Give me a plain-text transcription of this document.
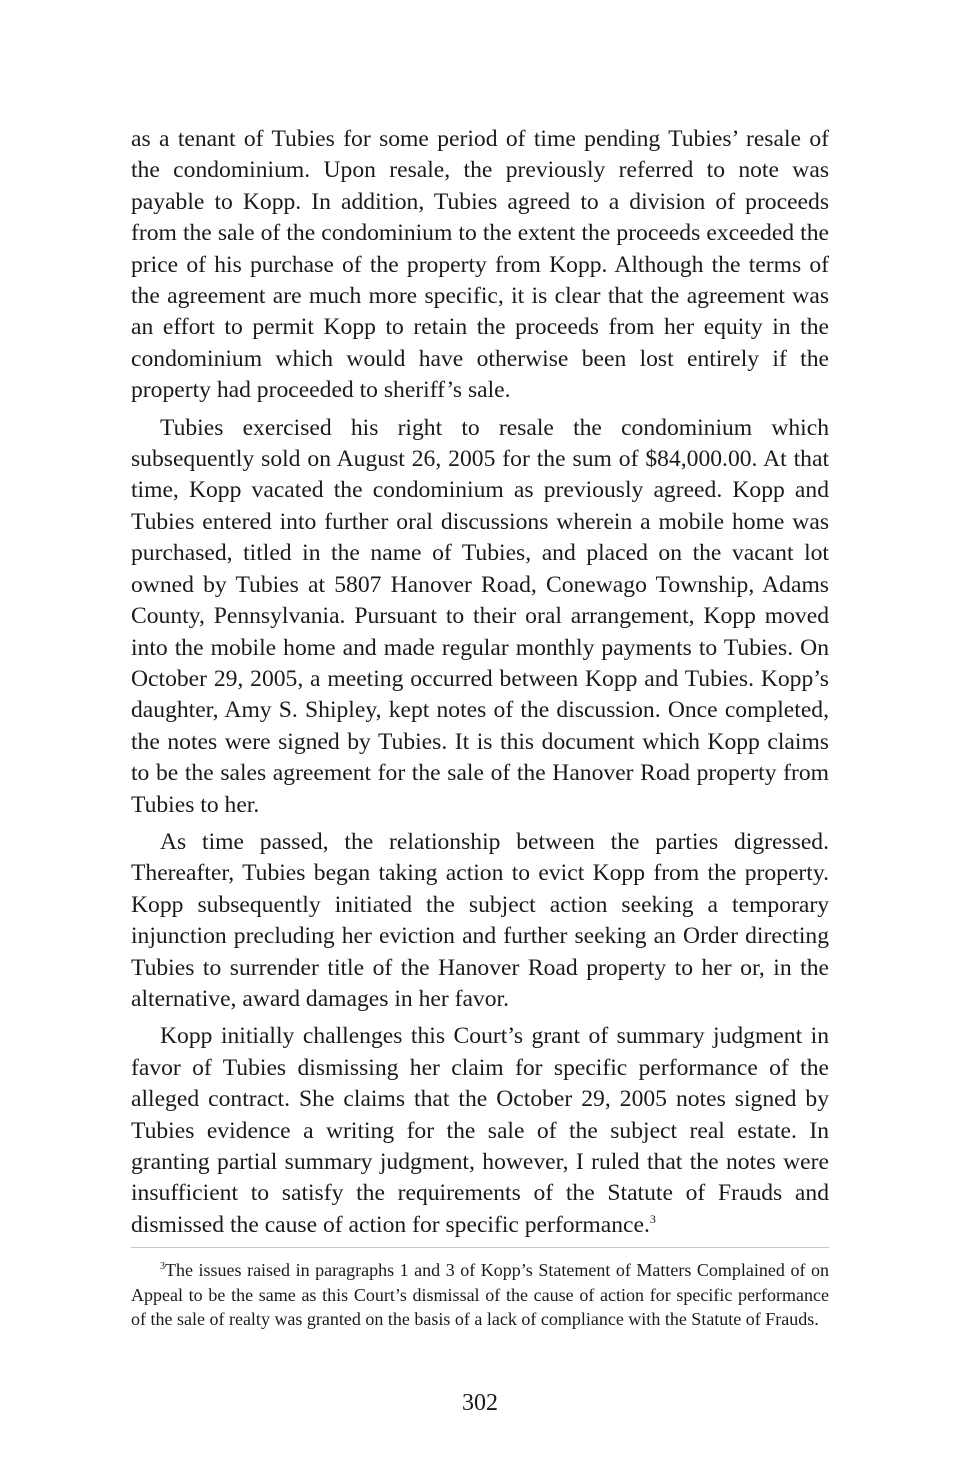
as a tenant of Tubies for some period of time pending Tubies’ resale of the condominium. Upon resale, the previously referred to note was payable to Kopp. In addition, Tubies agreed to a division of proceeds from the sale of the condominium to the extent the proceeds exceeded the price of his purchase of the property from Kopp. Although the terms of the agreement are much more specific, it is clear that the agreement was an effort to permit Kopp to retain the proceeds from her equity in the condominium which would have otherwise been lost entirely if the property had proceeded to sheriff’s sale.

Tubies exercised his right to resale the condominium which subsequently sold on August 26, 2005 for the sum of $84,000.00. At that time, Kopp vacated the condominium as previously agreed. Kopp and Tubies entered into further oral discussions wherein a mobile home was purchased, titled in the name of Tubies, and placed on the vacant lot owned by Tubies at 5807 Hanover Road, Conewago Township, Adams County, Pennsylvania. Pursuant to their oral arrangement, Kopp moved into the mobile home and made regular monthly payments to Tubies. On October 29, 2005, a meeting occurred between Kopp and Tubies. Kopp’s daughter, Amy S. Shipley, kept notes of the discussion. Once completed, the notes were signed by Tubies. It is this document which Kopp claims to be the sales agreement for the sale of the Hanover Road property from Tubies to her.

As time passed, the relationship between the parties digressed. Thereafter, Tubies began taking action to evict Kopp from the property. Kopp subsequently initiated the subject action seeking a temporary injunction precluding her eviction and further seeking an Order directing Tubies to surrender title of the Hanover Road property to her or, in the alternative, award damages in her favor.

Kopp initially challenges this Court’s grant of summary judgment in favor of Tubies dismissing her claim for specific performance of the alleged contract. She claims that the October 29, 2005 notes signed by Tubies evidence a writing for the sale of the subject real estate. In granting partial summary judgment, however, I ruled that the notes were insufficient to satisfy the requirements of the Statute of Frauds and dismissed the cause of action for specific performance.$^3$

$^3$The issues raised in paragraphs 1 and 3 of Kopp’s Statement of Matters Complained of on Appeal to be the same as this Court’s dismissal of the cause of action for specific performance of the sale of realty was granted on the basis of a lack of compliance with the Statute of Frauds.

302
